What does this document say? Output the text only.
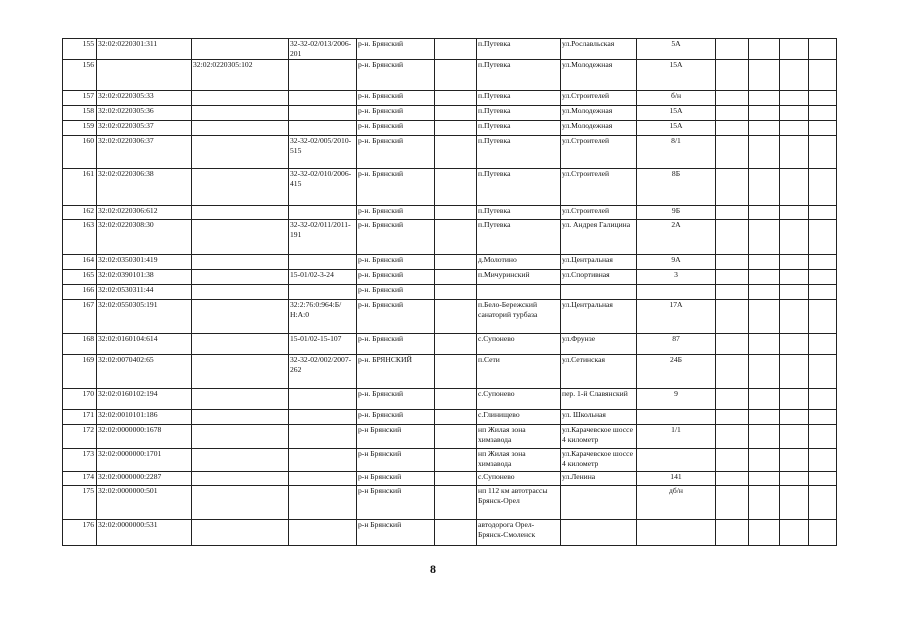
155	32:02:0220301:311		32-32-02/013/2006-201	р-н. Брянский		п.Путевка	ул.Рославльская	5А				
156		32:02:0220305:102		р-н. Брянский		п.Путевка	ул.Молодежная	15А				
157	32:02:0220305:33			р-н. Брянский		п.Путевка	ул.Строителей	б/н				
158	32:02:0220305:36			р-н. Брянский		п.Путевка	ул.Молодежная	15А				
159	32:02:0220305:37			р-н. Брянский		п.Путевка	ул.Молодежная	15А				
160	32:02:0220306:37		32-32-02/005/2010-515	р-н. Брянский		п.Путевка	ул.Строителей	8/1				
161	32:02:0220306:38		32-32-02/010/2006-415	р-н. Брянский		п.Путевка	ул.Строителей	8Б				
162	32:02:0220306:612			р-н. Брянский		п.Путевка	ул.Строителей	9Б				
163	32:02:0220308:30		32-32-02/011/2011-191	р-н. Брянский		п.Путевка	ул. Андрея Галицина	2А				
164	32:02:0350301:419			р-н. Брянский		д.Молотино	ул.Центральная	9А				
165	32:02:0390101:38		15-01/02-3-24	р-н. Брянский		п.Мичуринский	ул.Спортивная	3				
166	32:02:0530311:44			р-н. Брянский								
167	32:02:0550305:191		32:2:76:0:964:Б/Н:А:0	р-н. Брянский		п.Бело-Бережский санаторий турбаза	ул.Центральная	17А				
168	32:02:0160104:614		15-01/02-15-107	р-н. Брянский		с.Супонево	ул.Фрунзе	87				
169	32:02:0070402:65		32-32-02/002/2007-262	р-н. БРЯНСКИЙ		п.Сети	ул.Сетинская	24Б				
170	32:02:0160102:194			р-н. Брянский		с.Супонево	пер. 1-й Славянский	9				
171	32:02:0010101:186			р-н. Брянский		с.Глинищево	ул. Школьная					
172	32:02:0000000:1678			р-н Брянский		нп Жилая зона химзавода	ул.Карачевское шоссе 4 километр	1/1				
173	32:02:0000000:1701			р-н Брянский		нп Жилая зона химзавода	ул.Карачевское шоссе 4 километр					
174	32:02:0000000:2287			р-н Брянский		с.Супонево	ул.Ленина	141				
175	32:02:0000000:501			р-н Брянский		нп 112 км автотрассы Брянск-Орел		дб/н				
176	32:02:0000000:531			р-н Брянский		автодорога Орел-Брянск-Смоленск						
8
